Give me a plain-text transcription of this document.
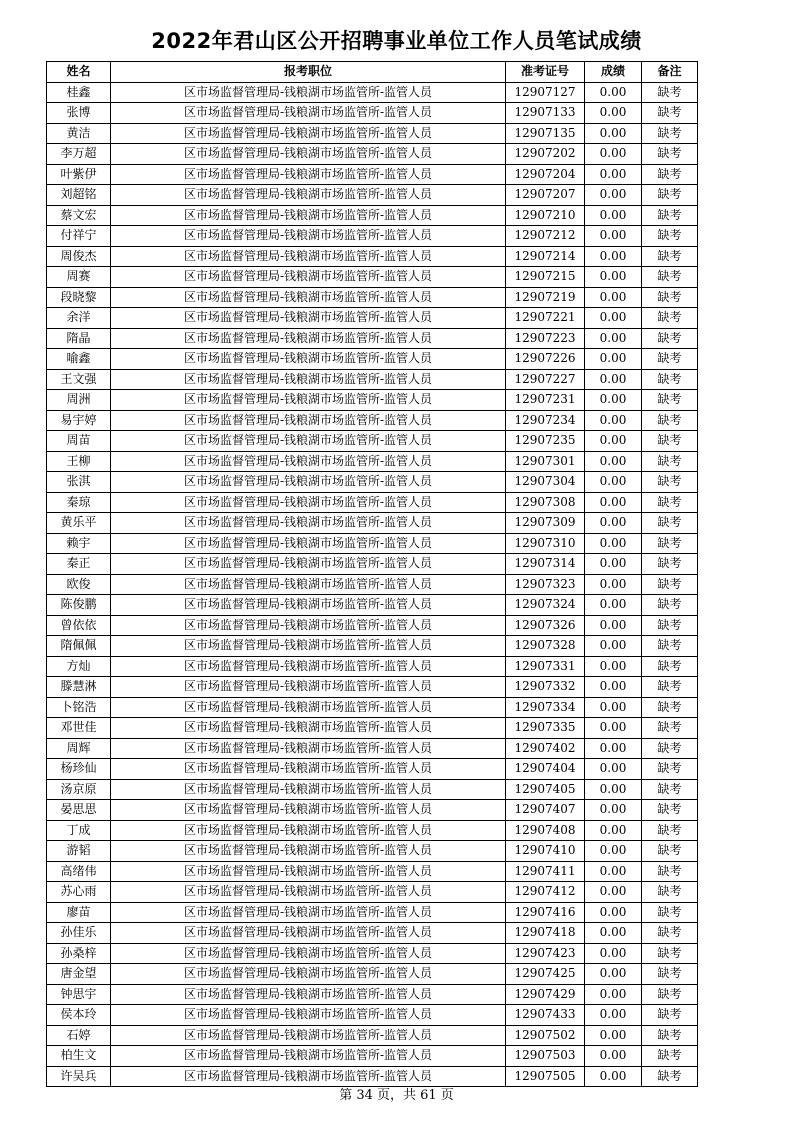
2022年君山区公开招聘事业单位工作人员笔试成绩
姓名	报考职位	准考证号	成绩	备注
桂鑫	区市场监督管理局-钱粮湖市场监管所-监管人员	12907127	0.00	缺考
张博	区市场监督管理局-钱粮湖市场监管所-监管人员	12907133	0.00	缺考
黄洁	区市场监督管理局-钱粮湖市场监管所-监管人员	12907135	0.00	缺考
李万超	区市场监督管理局-钱粮湖市场监管所-监管人员	12907202	0.00	缺考
叶紫伊	区市场监督管理局-钱粮湖市场监管所-监管人员	12907204	0.00	缺考
刘超铭	区市场监督管理局-钱粮湖市场监管所-监管人员	12907207	0.00	缺考
蔡文宏	区市场监督管理局-钱粮湖市场监管所-监管人员	12907210	0.00	缺考
付祥宁	区市场监督管理局-钱粮湖市场监管所-监管人员	12907212	0.00	缺考
周俊杰	区市场监督管理局-钱粮湖市场监管所-监管人员	12907214	0.00	缺考
周赛	区市场监督管理局-钱粮湖市场监管所-监管人员	12907215	0.00	缺考
段晓黎	区市场监督管理局-钱粮湖市场监管所-监管人员	12907219	0.00	缺考
余洋	区市场监督管理局-钱粮湖市场监管所-监管人员	12907221	0.00	缺考
隋晶	区市场监督管理局-钱粮湖市场监管所-监管人员	12907223	0.00	缺考
喻鑫	区市场监督管理局-钱粮湖市场监管所-监管人员	12907226	0.00	缺考
王文强	区市场监督管理局-钱粮湖市场监管所-监管人员	12907227	0.00	缺考
周洲	区市场监督管理局-钱粮湖市场监管所-监管人员	12907231	0.00	缺考
易宇婷	区市场监督管理局-钱粮湖市场监管所-监管人员	12907234	0.00	缺考
周苗	区市场监督管理局-钱粮湖市场监管所-监管人员	12907235	0.00	缺考
王柳	区市场监督管理局-钱粮湖市场监管所-监管人员	12907301	0.00	缺考
张淇	区市场监督管理局-钱粮湖市场监管所-监管人员	12907304	0.00	缺考
秦琼	区市场监督管理局-钱粮湖市场监管所-监管人员	12907308	0.00	缺考
黄乐平	区市场监督管理局-钱粮湖市场监管所-监管人员	12907309	0.00	缺考
赖宇	区市场监督管理局-钱粮湖市场监管所-监管人员	12907310	0.00	缺考
秦正	区市场监督管理局-钱粮湖市场监管所-监管人员	12907314	0.00	缺考
欧俊	区市场监督管理局-钱粮湖市场监管所-监管人员	12907323	0.00	缺考
陈俊鹏	区市场监督管理局-钱粮湖市场监管所-监管人员	12907324	0.00	缺考
曾依依	区市场监督管理局-钱粮湖市场监管所-监管人员	12907326	0.00	缺考
隋佩佩	区市场监督管理局-钱粮湖市场监管所-监管人员	12907328	0.00	缺考
方灿	区市场监督管理局-钱粮湖市场监管所-监管人员	12907331	0.00	缺考
滕慧淋	区市场监督管理局-钱粮湖市场监管所-监管人员	12907332	0.00	缺考
卜铭浩	区市场监督管理局-钱粮湖市场监管所-监管人员	12907334	0.00	缺考
邓世佳	区市场监督管理局-钱粮湖市场监管所-监管人员	12907335	0.00	缺考
周辉	区市场监督管理局-钱粮湖市场监管所-监管人员	12907402	0.00	缺考
杨珍仙	区市场监督管理局-钱粮湖市场监管所-监管人员	12907404	0.00	缺考
汤京原	区市场监督管理局-钱粮湖市场监管所-监管人员	12907405	0.00	缺考
晏思思	区市场监督管理局-钱粮湖市场监管所-监管人员	12907407	0.00	缺考
丁成	区市场监督管理局-钱粮湖市场监管所-监管人员	12907408	0.00	缺考
游韬	区市场监督管理局-钱粮湖市场监管所-监管人员	12907410	0.00	缺考
高绪伟	区市场监督管理局-钱粮湖市场监管所-监管人员	12907411	0.00	缺考
苏心雨	区市场监督管理局-钱粮湖市场监管所-监管人员	12907412	0.00	缺考
廖苗	区市场监督管理局-钱粮湖市场监管所-监管人员	12907416	0.00	缺考
孙佳乐	区市场监督管理局-钱粮湖市场监管所-监管人员	12907418	0.00	缺考
孙桑梓	区市场监督管理局-钱粮湖市场监管所-监管人员	12907423	0.00	缺考
唐金望	区市场监督管理局-钱粮湖市场监管所-监管人员	12907425	0.00	缺考
钟思宇	区市场监督管理局-钱粮湖市场监管所-监管人员	12907429	0.00	缺考
侯本玲	区市场监督管理局-钱粮湖市场监管所-监管人员	12907433	0.00	缺考
石婷	区市场监督管理局-钱粮湖市场监管所-监管人员	12907502	0.00	缺考
柏生文	区市场监督管理局-钱粮湖市场监管所-监管人员	12907503	0.00	缺考
许吴兵	区市场监督管理局-钱粮湖市场监管所-监管人员	12907505	0.00	缺考
第 34 页，共 61 页
